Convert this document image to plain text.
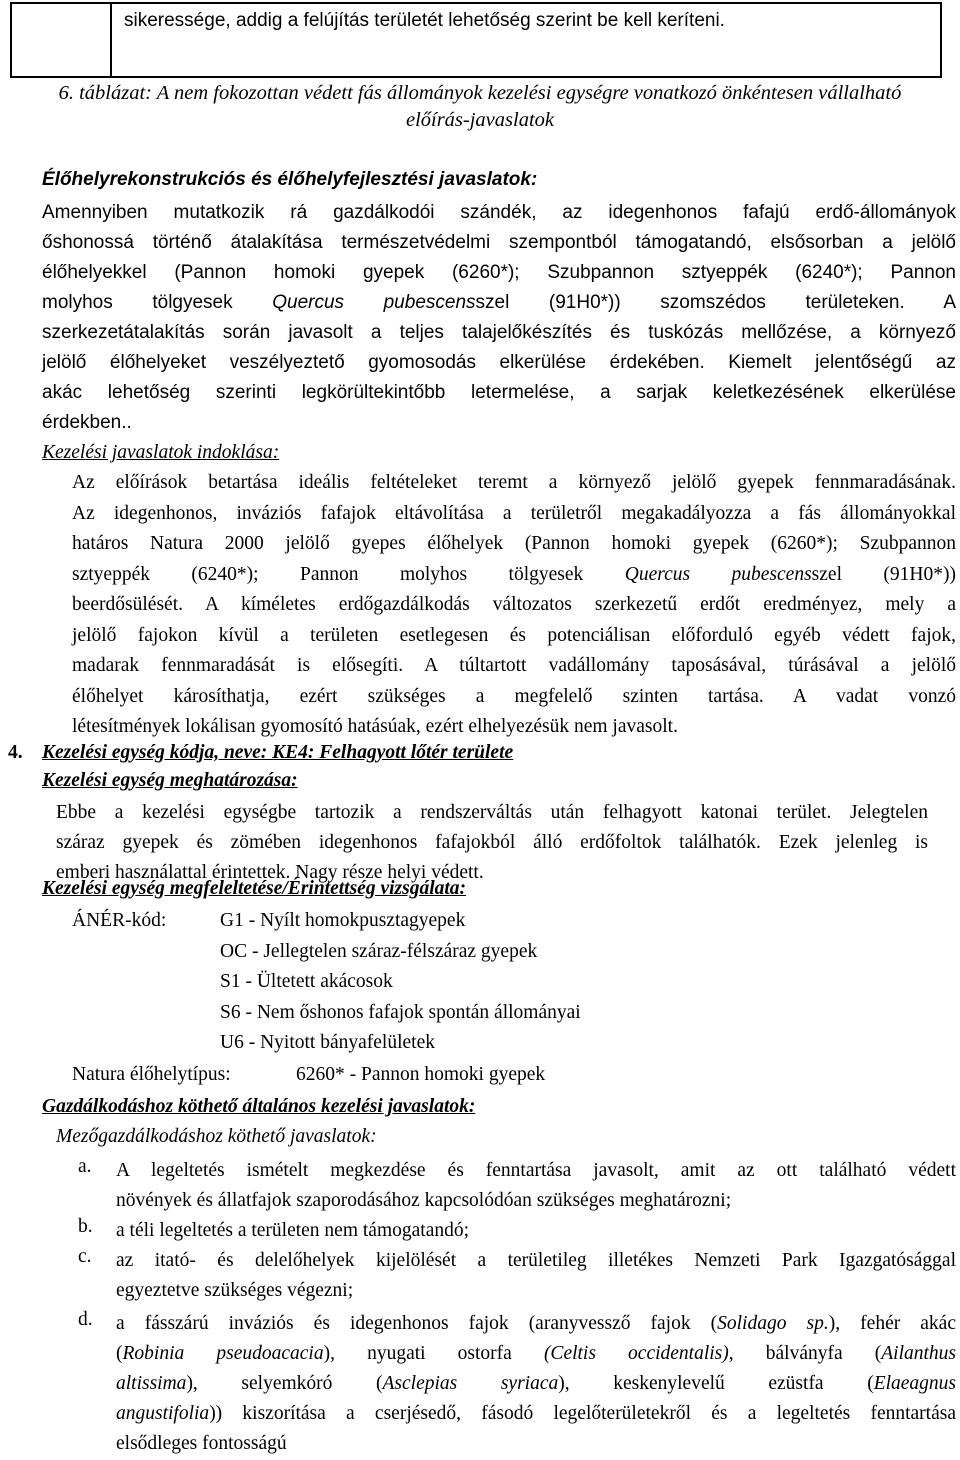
sikeressége, addig a felújítás területét lehetőség szerint be kell keríteni.
6. táblázat: A nem fokozottan védett fás állományok kezelési egységre vonatkozó önkéntesen vállalható
előírás-javaslatok
Élőhelyrekonstrukciós és élőhelyfejlesztési javaslatok:
Amennyiben mutatkozik rá gazdálkodói szándék, az idegenhonos fafajú erdő-állományok
őshonossá történő átalakítása természetvédelmi szempontból támogatandó, elsősorban a jelölő
élőhelyekkel (Pannon homoki gyepek (6260*); Szubpannon sztyeppék (6240*); Pannon
molyhos tölgyesek Quercus pubescensszel (91H0*)) szomszédos területeken. A
szerkezetátalakítás során javasolt a teljes talajelőkészítés és tuskózás mellőzése, a környező
jelölő élőhelyeket veszélyeztető gyomosodás elkerülése érdekében. Kiemelt jelentőségű az
akác lehetőség szerinti legkörültekintőbb letermelése, a sarjak keletkezésének elkerülése
érdekben..
Kezelési javaslatok indoklása:
Az előírások betartása ideális feltételeket teremt a környező jelölő gyepek fennmaradásának.
Az idegenhonos, inváziós fafajok eltávolítása a területről megakadályozza a fás állományokkal
határos Natura 2000 jelölő gyepes élőhelyek (Pannon homoki gyepek (6260*); Szubpannon
sztyeppék (6240*); Pannon molyhos tölgyesek Quercus pubescensszel (91H0*))
beerdősülését. A kíméletes erdőgazdálkodás változatos szerkezetű erdőt eredményez, mely a
jelölő fajokon kívül a területen esetlegesen és potenciálisan előforduló egyéb védett fajok,
madarak fennmaradását is elősegíti. A túltartott vadállomány taposásával, túrásával a jelölő
élőhelyet károsíthatja, ezért szükséges a megfelelő szinten tartása. A vadat vonzó
létesítmények lokálisan gyomosító hatásúak, ezért elhelyezésük nem javasolt.
4. Kezelési egység kódja, neve: KE4: Felhagyott lőtér területe
Kezelési egység meghatározása:
Ebbe a kezelési egységbe tartozik a rendszerváltás után felhagyott katonai terület. Jelegtelen
száraz gyepek és zömében idegenhonos fafajokból álló erdőfoltok találhatók. Ezek jelenleg is
emberi használattal érintettek. Nagy része helyi védett.
Kezelési egység megfeleltetése/Érintettség vizsgálata:
ÁNÉR-kód:	G1 - Nyílt homokpusztagyepek
OC - Jellegtelen száraz-félszáraz gyepek
S1 - Ültetett akácosok
S6 - Nem őshonos fafajok spontán állományai
U6 - Nyitott bányafelületek
Natura élőhelytípus:	6260* - Pannon homoki gyepek
Gazdálkodáshoz köthető általános kezelési javaslatok:
Mezőgazdálkodáshoz köthető javaslatok:
a. A legeltetés ismételt megkezdése és fenntartása javasolt, amit az ott található védett
növények és állatfajok szaporodásához kapcsolódóan szükséges meghatározni;
b. a téli legeltetés a területen nem támogatandó;
c. az itató- és delelőhelyek kijelölését a területileg illetékes Nemzeti Park Igazgatósággal
egyeztetve szükséges végezni;
d. a fásszárú inváziós és idegenhonos fajok (aranyvessző fajok (Solidago sp.), fehér akác
(Robinia pseudoacacia), nyugati ostorfa (Celtis occidentalis), bálványfa (Ailanthus
altissima), selyemkóró (Asclepias syriaca), keskenylevelű ezüstfa (Elaeagnus
angustifolia)) kiszorítása a cserjésedő, fásodó legelőterületekről és a legeltetés fenntartása
elsődleges fontosságú
